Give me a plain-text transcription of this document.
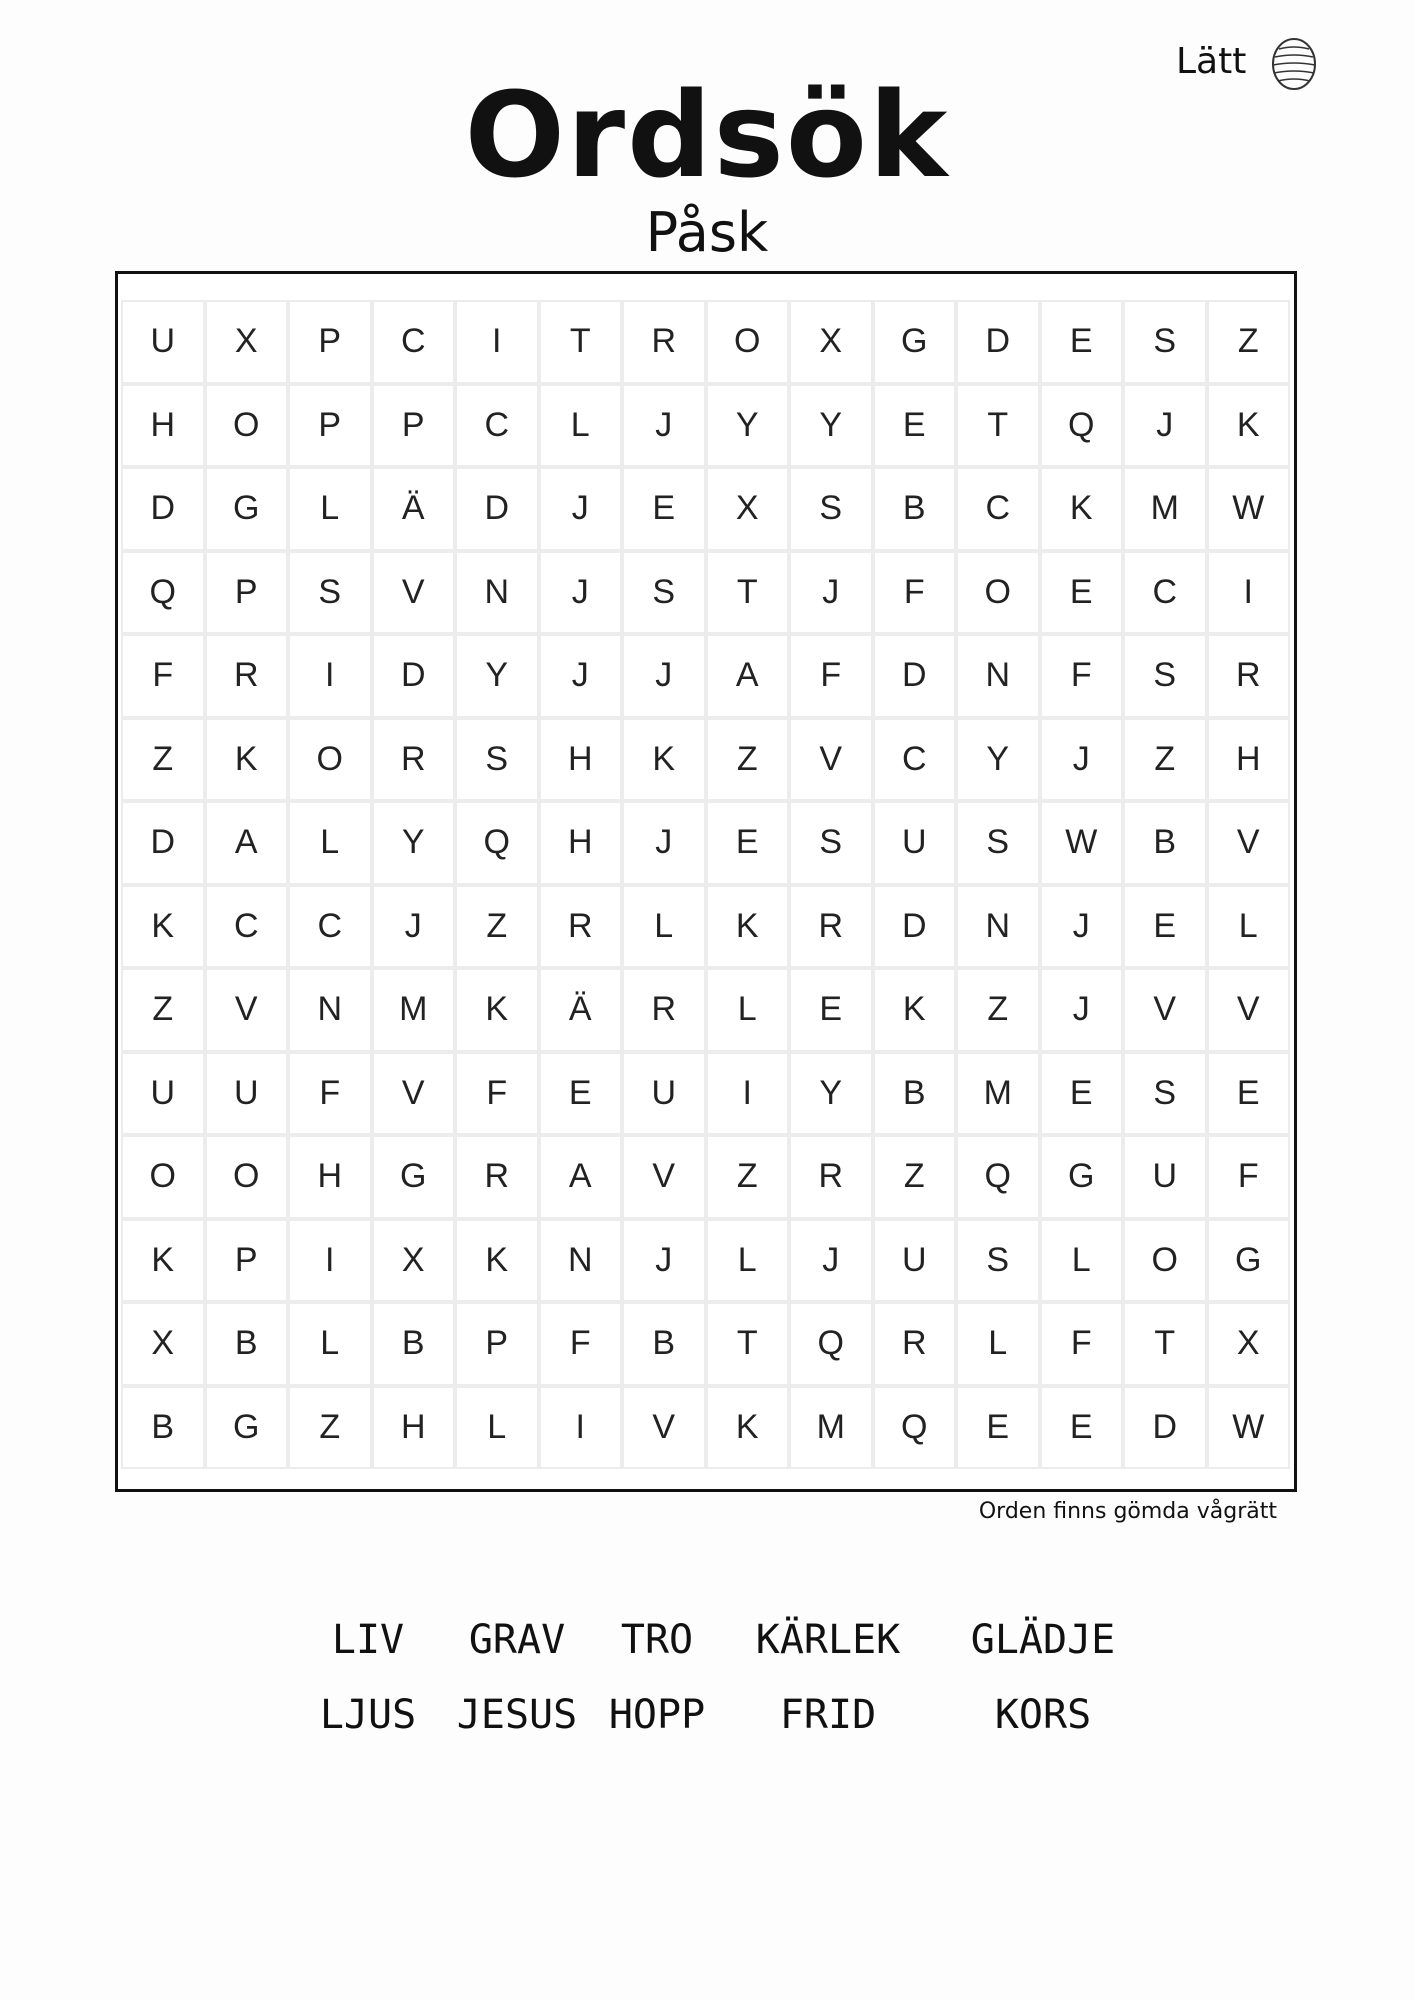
Lätt
Ordsök
Påsk
U	X	P	C	I	T	R	O	X	G	D	E	S	Z
H	O	P	P	C	L	J	Y	Y	E	T	Q	J	K
D	G	L	Ä	D	J	E	X	S	B	C	K	M	W
Q	P	S	V	N	J	S	T	J	F	O	E	C	I
F	R	I	D	Y	J	J	A	F	D	N	F	S	R
Z	K	O	R	S	H	K	Z	V	C	Y	J	Z	H
D	A	L	Y	Q	H	J	E	S	U	S	W	B	V
K	C	C	J	Z	R	L	K	R	D	N	J	E	L
Z	V	N	M	K	Ä	R	L	E	K	Z	J	V	V
U	U	F	V	F	E	U	I	Y	B	M	E	S	E
O	O	H	G	R	A	V	Z	R	Z	Q	G	U	F
K	P	I	X	K	N	J	L	J	U	S	L	O	G
X	B	L	B	P	F	B	T	Q	R	L	F	T	X
B	G	Z	H	L	I	V	K	M	Q	E	E	D	W
Orden finns gömda vågrätt
LIV	GRAV	TRO	KÄRLEK	GLÄDJE
LJUS	JESUS HOPP	FRID	KORS
